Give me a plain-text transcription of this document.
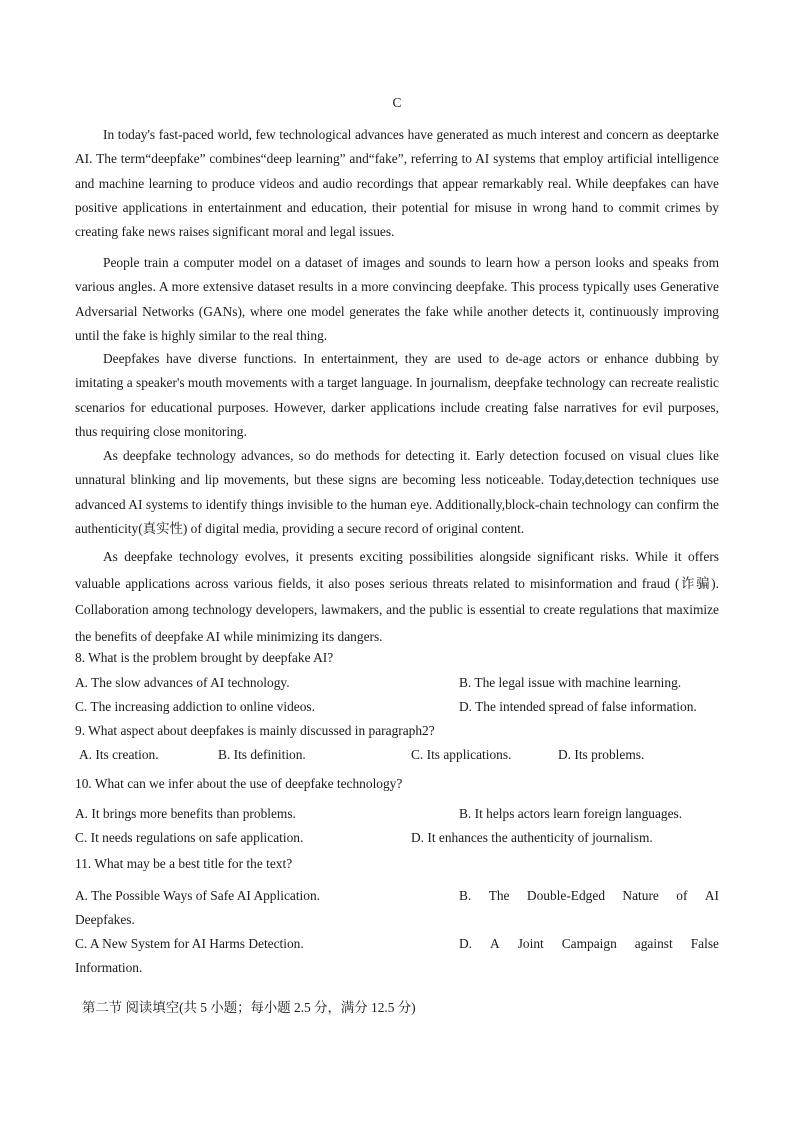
C

In today's fast-paced world, few technological advances have generated as much interest and concern as deeptarke AI. The term“deepfake” combines“deep learning” and“fake”, referring to AI systems that employ artificial intelligence and machine learning to produce videos and audio recordings that appear remarkably real. While deepfakes can have positive applications in entertainment and education, their potential for misuse in wrong hand to commit crimes by creating fake news raises significant moral and legal issues.

People train a computer model on a dataset of images and sounds to learn how a person looks and speaks from various angles. A more extensive dataset results in a more convincing deepfake. This process typically uses Generative Adversarial Networks (GANs), where one model generates the fake while another detects it, continuously improving until the fake is highly similar to the real thing.

Deepfakes have diverse functions. In entertainment, they are used to de-age actors or enhance dubbing by imitating a speaker's mouth movements with a target language. In journalism, deepfake technology can recreate realistic scenarios for educational purposes. However, darker applications include creating false narratives for evil purposes, thus requiring close monitoring.

As deepfake technology advances, so do methods for detecting it. Early detection focused on visual clues like unnatural blinking and lip movements, but these signs are becoming less noticeable. Today,detection techniques use advanced AI systems to identify things invisible to the human eye. Additionally,block-chain technology can confirm the authenticity(真实性) of digital media, providing a secure record of original content.

As deepfake technology evolves, it presents exciting possibilities alongside significant risks. While it offers valuable applications across various fields, it also poses serious threats related to misinformation and fraud (诈骗). Collaboration among technology developers, lawmakers, and the public is essential to create regulations that maximize the benefits of deepfake AI while minimizing its dangers.

8. What is the problem brought by deepfake AI?
A. The slow advances of AI technology.	B. The legal issue with machine learning.
C. The increasing addiction to online videos.	D. The intended spread of false information.
9. What aspect about deepfakes is mainly discussed in paragraph2?
A. Its creation.	B. Its definition.	C. Its applications.	D. Its problems.
10. What can we infer about the use of deepfake technology?
A. It brings more benefits than problems.	B. It helps actors learn foreign languages.
C. It needs regulations on safe application.	D. It enhances the authenticity of journalism.
11. What may be a best title for the text?
A. The Possible Ways of Safe AI Application.	B. The Double-Edged Nature of AI
Deepfakes.
C. A New System for AI Harms Detection.	D. A Joint Campaign against False
Information.
第二节 阅读填空(共 5 小题；每小题 2.5 分，满分 12.5 分)
